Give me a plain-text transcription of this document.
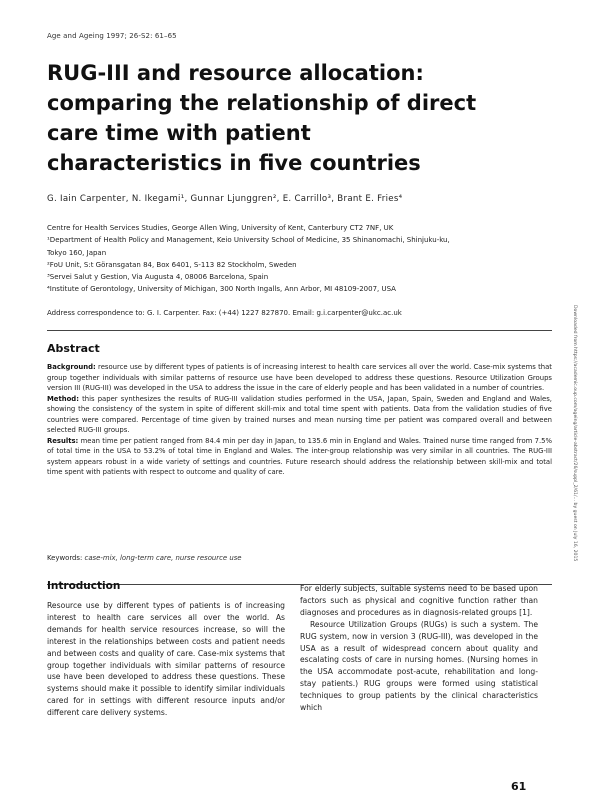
Age and Ageing 1997; 26-S2: 61–65
RUG-III and resource allocation: comparing the relationship of direct care time with patient characteristics in five countries
G. Iain Carpenter, N. Ikegami¹, Gunnar Ljunggren², E. Carrillo³, Brant E. Fries⁴
Centre for Health Services Studies, George Allen Wing, University of Kent, Canterbury CT2 7NF, UK
¹Department of Health Policy and Management, Keio University School of Medicine, 35 Shinanomachi, Shinjuku-ku,
Tokyo 160, Japan
²FoU Unit, S:t Göransgatan 84, Box 6401, S-113 82 Stockholm, Sweden
³Servei Salut y Gestion, Via Augusta 4, 08006 Barcelona, Spain
⁴Institute of Gerontology, University of Michigan, 300 North Ingalls, Ann Arbor, MI 48109-2007, USA
Address correspondence to: G. I. Carpenter. Fax: (+44) 1227 827870. Email: g.i.carpenter@ukc.ac.uk	Downloaded from https://academic.oup.com/ageing/article-abstract/26/suppl_2/61/… by guest on July 16, 2015
Abstract

Background: resource use by different types of patients is of increasing interest to health care services all over the world. Case-mix systems that group together individuals with similar patterns of resource use have been developed to address these questions. Resource Utilization Groups version III (RUG-III) was developed in the USA to address the issue in the care of elderly people and has been validated in a number of countries.

Method: this paper synthesizes the results of RUG-III validation studies performed in the USA, Japan, Spain, Sweden and England and Wales, showing the consistency of the system in spite of different skill-mix and total time spent with patients. Data from the validation studies of five countries were compared. Percentage of time given by trained nurses and mean nursing time per patient was compared overall and between selected RUG-III groups.

Results: mean time per patient ranged from 84.4 min per day in Japan, to 135.6 min in England and Wales. Trained nurse time ranged from 7.5% of total time in the USA to 53.2% of total time in England and Wales. The inter-group relationship was very similar in all countries. The RUG-III system appears robust in a wide variety of settings and countries. Future research should address the relationship between skill-mix and total time spent with patients with respect to outcome and quality of care.

Keywords: case-mix, long-term care, nurse resource use
Introduction

Resource use by different types of patients is of increasing interest to health care services all over the world. As demands for health service resources increase, so will the interest in the relationships between costs and patient needs and between costs and quality of care. Case-mix systems that group together individuals with similar patterns of resource use have been developed to address these questions. These systems should make it possible to identify similar individuals cared for in settings with different resource inputs and/or different care delivery systems.

For elderly subjects, suitable systems need to be based upon factors such as physical and cognitive function rather than diagnoses and procedures as in diagnosis-related groups [1].

Resource Utilization Groups (RUGs) is such a system. The RUG system, now in version 3 (RUG-III), was developed in the USA as a result of widespread concern about quality and escalating costs of care in nursing homes. (Nursing homes in the USA accommodate post-acute, rehabilitation and long-stay patients.) RUG groups were formed using statistical techniques to group patients by the clinical characteristics which

61
